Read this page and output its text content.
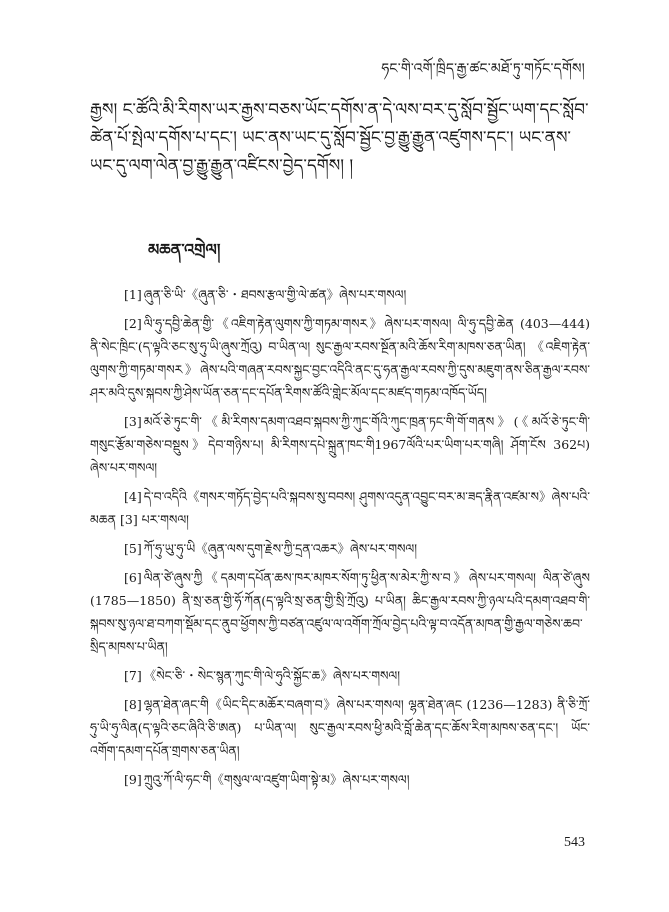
ཧང་གི་འགོ་ཁྲིད་རྒྱ་ཚང་མཐོ་ཏུ་གཏོང་དགོས།

རྒྱས། ང་ཚོའི་མི་རིགས་ཡར་རྒྱས་བཅས་ཡོང་དགོས་ན་དེ་ལས་བར་དུ་སློབ་སྦྱོང་ཡག་དང་སློབ་ཚེན་པོ་སྤེལ་དགོས་པ་དང་། ཡང་ནས་ཡང་དུ་སློབ་སྦྱོང་བྱ་རྒྱུ་རྒྱུན་འཛུགས་དང་། ཡང་ནས་ཡང་དུ་ལག་ལེན་བྱ་རྒྱུ་རྒྱུན་འཛིངས་བྱེད་དགོས། །

མཆན་འགྲེལ།

[1] ཞུན་ཅི་ཡི་《ཞུན་ཅི་・ཐབས་རྩལ་གྱི་ལེ་ཚན》ཞེས་པར་གསལ།

[2] ལི་ཧུ་དབྱི་ཆེན་གྱི་《འཇིག་རྟེན་ལུགས་ཀྱི་གཏམ་གསར》ཞེས་པར་གསལ། ལི་ཧུ་དབྱི་ཆེན (403—444) ནི་སེང་ཁྲིང་(ད་ལྟའི་ཅང་སུ་ཧུ་ཡི་ཞུས་ཀྲོའུ) བ་ཡིན་ལ། སུང་རྒྱལ་རབས་སྔོན་མའི་ཆོས་རིག་མཁས་ཅན་ཡིན། 《འཇིག་རྟེན་ལུགས་ཀྱི་གཏམ་གསར》ཞེས་པའི་གཞན་རབས་སྐྱང་བྱང་འདིའི་ནང་དུ་ཧན་རྒྱལ་རབས་ཀྱི་དུས་མཇུག་ནས་ཅིན་རྒྱལ་རབས་ཤར་མའི་དུས་སྐབས་ཀྱི་ཤེས་ཡོན་ཅན་དང་དཔོན་རིགས་ཚོའི་གླེང་མོལ་དང་མཛད་གཏམ་འཁོད་ཡོད།

[3] མའོ་ཅེ་ཏུང་གི་《མི་རིགས་དམག་འཐབ་སྐབས་ཀྱི་ཀུང་གོའི་ཀུང་ཁྲན་ཏང་གི་གོ་གནས》(《མའོ་ཅེ་ཏུང་གི་གསུང་རྩོམ་གཅེས་བསྡུས》དེབ་གཉིས་པ། མི་རིགས་དཔེ་སྐྲུན་ཁང་གི1967ལོའི་པར་ཡིག་པར་གཞི། ཤོག་ངོས 362པ) ཞེས་པར་གསལ།

[4] དེ་བ་འདིའི《གསར་གཏོད་བྱེད་པའི་སྐབས་སུ་བབས། ཤུགས་འདུན་འབྱུང་བར་མ་ཟད་རྣིན་འཛམ་ས》ཞེས་པའི་མཆན [3] པར་གསལ།

[5] ཀོ་ཧུ་ཡུ་ཧུ་ཡི《ཞུན་ལས་དུག་རྗེས་ཀྱི་དྲན་འཆར》ཞེས་པར་གསལ།

[6] ལིན་ཙེ་ཞུས་ཀྱི《དམག་དཔོན་ཆས་ཁར་མཁར་སོག་ཏུ་ཕྱིན་ས་མེར་ཀྱི་ས་བ》ཞེས་པར་གསལ། ལིན་ཙེ་ཞུས (1785—1850) ནི་སྲ་ཅན་གྱི་ཧོ་ཀོན(ད་ལྟའི་སྲ་ཅན་གྱི་སྲི་ཀྲོའུ) པ་ཡིན། ཆིང་རྒྱལ་རབས་ཀྱི་ཉལ་པའི་དམག་འཐབ་གི་སྐབས་སུ་ཉལ་ཐ་བཀག་སྡོམ་དང་ནུབ་ཕྱོགས་ཀྱི་བཙན་འཛུལ་ལ་འགོག་ཀྲོལ་བྱེད་པའི་ལྟ་བ་འདོན་མཁན་གྱི་རྒྱལ་གཅེས་ཆབ་སྲིད་མཁས་པ་ཡིན།

[7] 《སེང་ཅི་・སེང་སྙན་ཀུང་གི་ལེ་ཧུའི་སྐྱོང་ཆ》ཞེས་པར་གསལ།

[8] ལྷན་ཐེན་ཞང་གི《ཡིང་དིང་མཆོར་བཞག་བ》ཞེས་པར་གསལ། ལྷན་ཐེན་ཞང (1236—1283) ནི་ཅི་ཀྲོ་ཧུ་ཡི་ཧུ་ལིན(ད་ལྟའི་ཅང་ཞིའི་ཅི་ཨན) པ་ཡིན་ལ། སུང་རྒྱལ་རབས་ཕྱི་མའི་བློ་ཆེན་དང་ཆོས་རིག་མཁས་ཅན་དང་། ཡོང་འགོག་དམག་དཔོན་གྲགས་ཅན་ཡིན།

[9] ཀྲུའུ་ཀོ་ལི་ཧང་གི《གསུལ་ལ་འཛུག་ཡིག་སྟེ་མ》ཞེས་པར་གསལ།

543
